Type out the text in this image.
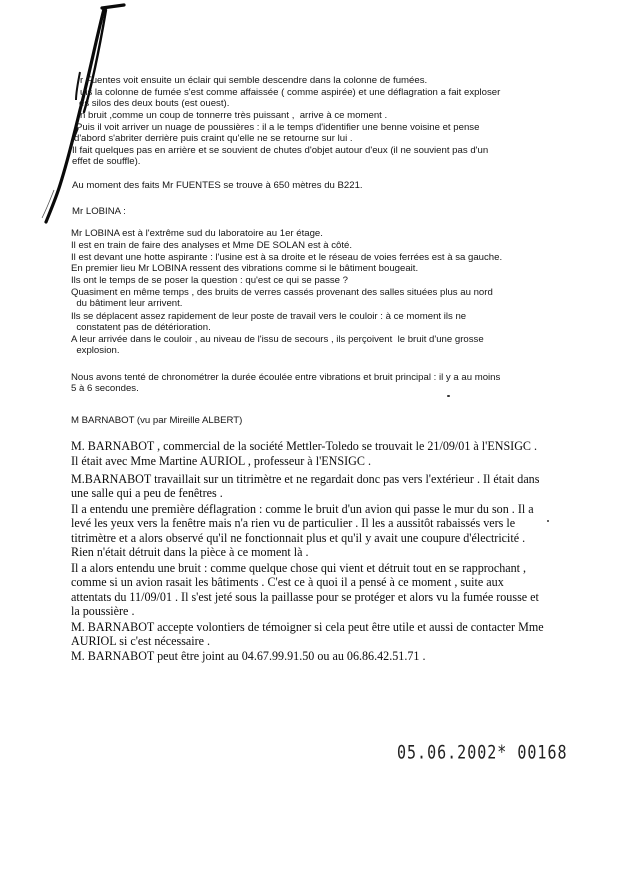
r Fuentes voit ensuite un éclair qui semble descendre dans la colonne de fumées.
uis la colonne de fumée s'est comme affaissée ( comme aspirée) et une déflagration a fait exploser
es silos des deux bouts (est ouest).
n bruit ,comme un coup de tonnerre très puissant ,  arrive à ce moment .
Puis il voit arriver un nuage de poussières : il a le temps d'identifier une benne voisine et pense
d'abord s'abriter derrière puis craint qu'elle ne se retourne sur lui .
Il fait quelques pas en arrière et se souvient de chutes d'objet autour d'eux (il ne souvient pas d'un
effet de souffle).
Au moment des faits Mr FUENTES se trouve à 650 mètres du B221.
Mr LOBINA :
Mr LOBINA est à l'extrême sud du laboratoire au 1er étage.
Il est en train de faire des analyses et Mme DE SOLAN est à côté.
Il est devant une hotte aspirante : l'usine est à sa droite et le réseau de voies ferrées est à sa gauche.
En premier lieu Mr LOBINA ressent des vibrations comme si le bâtiment bougeait.
Ils ont le temps de se poser la question : qu'est ce qui se passe ?
Quasiment en même temps , des bruits de verres cassés provenant des salles situées plus au nord
du bâtiment leur arrivent.
Ils se déplacent assez rapidement de leur poste de travail vers le couloir : à ce moment ils ne
constatent pas de détérioration.
A leur arrivée dans le couloir , au niveau de l'issu de secours , ils perçoivent  le bruit d'une grosse
explosion.
Nous avons tenté de chronométrer la durée écoulée entre vibrations et bruit principal : il y a au moins
5 à 6 secondes.
M BARNABOT (vu par Mireille ALBERT)
M. BARNABOT , commercial de la société Mettler-Toledo se trouvait le 21/09/01 à l'ENSIGC .
Il était avec Mme Martine AURIOL , professeur à l'ENSIGC .
M.BARNABOT travaillait sur un titrimètre et ne regardait donc pas vers l'extérieur . Il était dans
une salle qui a peu de fenêtres .
Il a entendu une première déflagration : comme le bruit d'un avion qui passe le mur du son . Il a
levé les yeux vers la fenêtre mais n'a rien vu de particulier . Il les a aussitôt rabaissés vers le
titrimètre et a alors observé qu'il ne fonctionnait plus et qu'il y avait une coupure d'électricité .
Rien n'était détruit dans la pièce à ce moment là .
Il a alors entendu une bruit : comme quelque chose qui vient et détruit tout en se rapprochant ,
comme si un avion rasait les bâtiments . C'est ce à quoi il a pensé à ce moment , suite aux
attentats du 11/09/01 . Il s'est jeté sous la paillasse pour se protéger et alors vu la fumée rousse et
la poussière .
M. BARNABOT accepte volontiers de témoigner si cela peut être utile et aussi de contacter Mme
AURIOL si c'est nécessaire .
M. BARNABOT peut être joint au 04.67.99.91.50 ou au 06.86.42.51.71 .
05.06.2002* 00168
